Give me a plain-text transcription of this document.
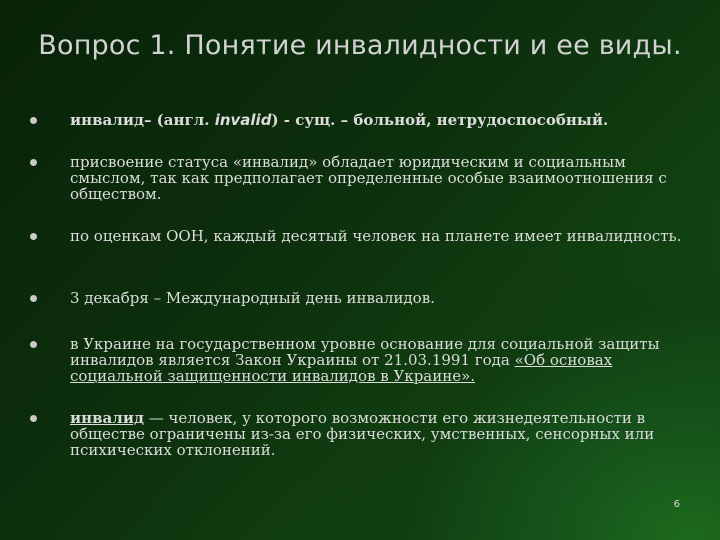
Вопрос 1. Понятие инвалидности и ее виды.
инвалид– (англ. invalid) - сущ. – больной, нетрудоспособный.
присвоение статуса «инвалид» обладает юридическим и социальным смыслом, так как предполагает определенные особые взаимоотношения с обществом.
по оценкам ООН, каждый десятый человек на планете имеет инвалидность.
3 декабря – Международный день инвалидов.
в Украине на государственном уровне основание для социальной защиты инвалидов является Закон Украины от 21.03.1991 года «Об основах социальной защищенности инвалидов в Украине».
инвалид — человек, у которого возможности его жизнедеятельности в обществе ограничены из-за его физических, умственных, сенсорных или психических отклонений.
6
